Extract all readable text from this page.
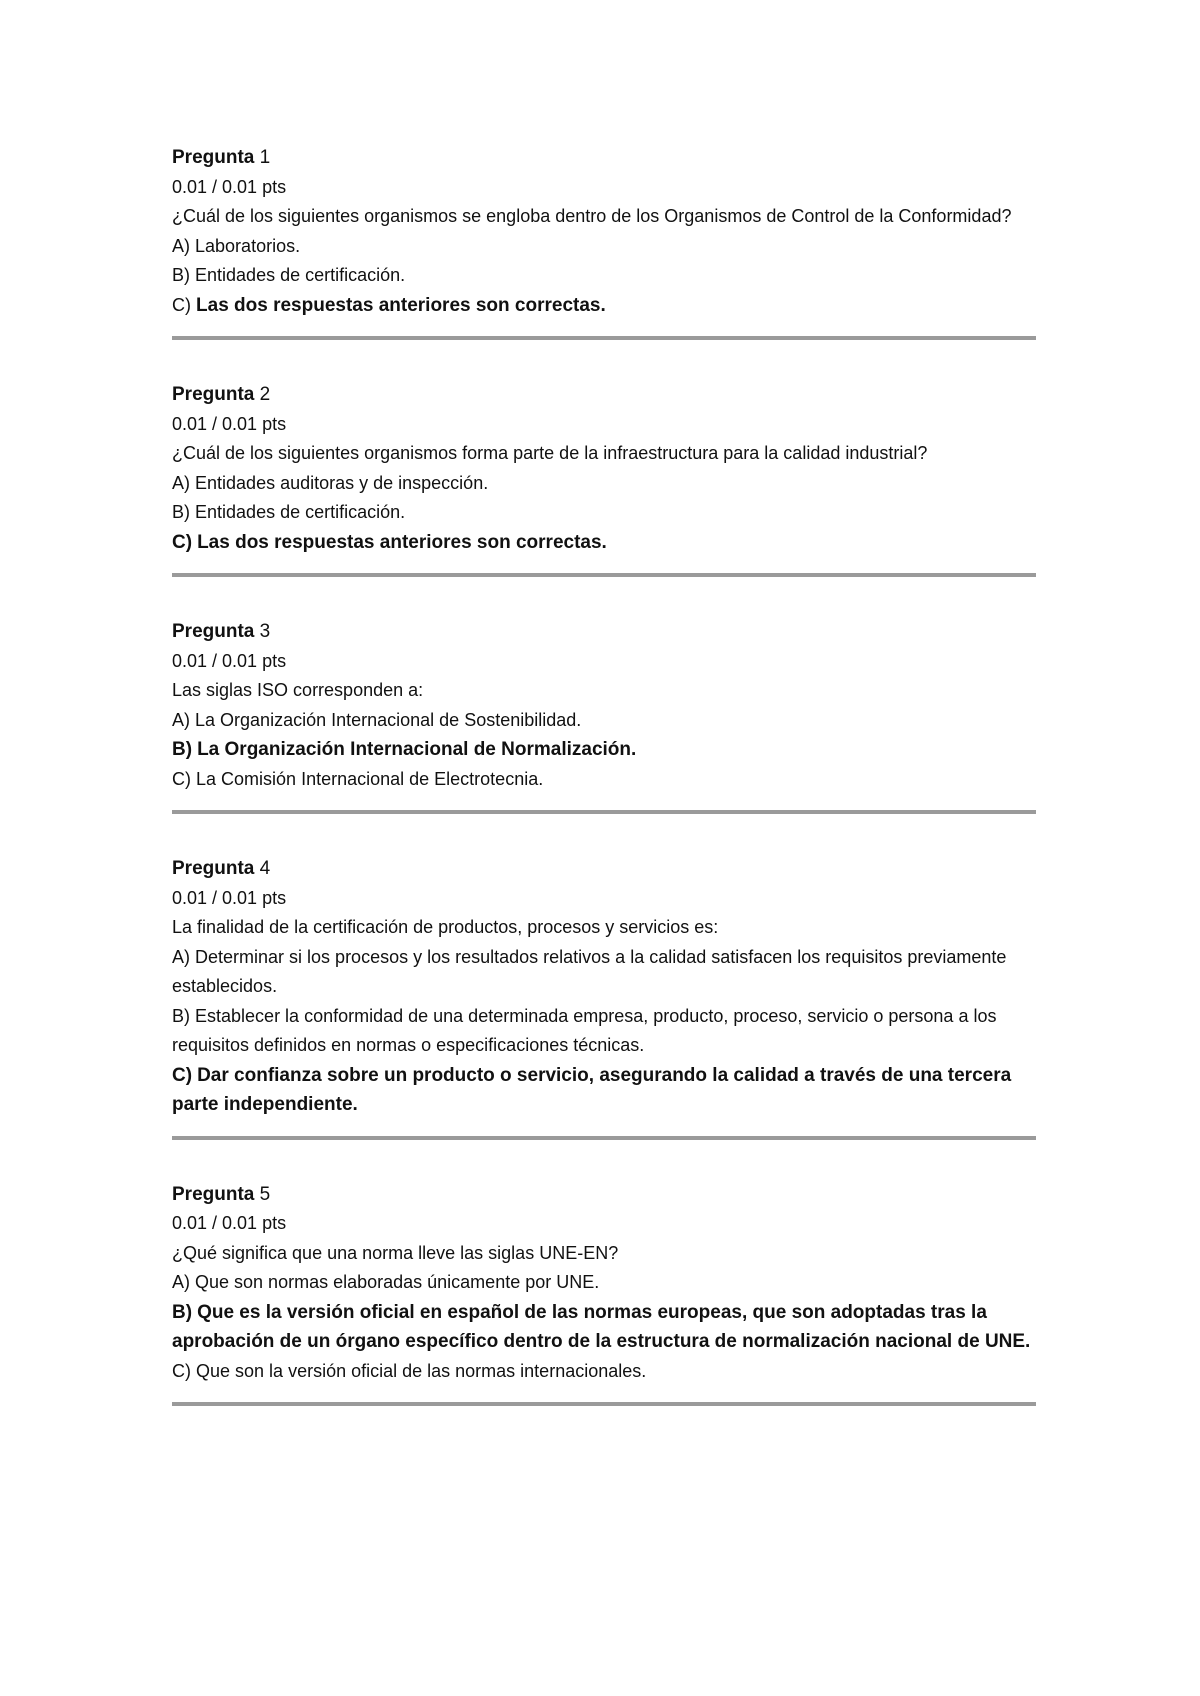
Pregunta 1

0.01 / 0.01 pts

¿Cuál de los siguientes organismos se engloba dentro de los Organismos de Control de la Conformidad?

A) Laboratorios.

B) Entidades de certificación.

C) Las dos respuestas anteriores son correctas.

Pregunta 2

0.01 / 0.01 pts

¿Cuál de los siguientes organismos forma parte de la infraestructura para la calidad industrial?

A) Entidades auditoras y de inspección.

B) Entidades de certificación.

C) Las dos respuestas anteriores son correctas.

Pregunta 3

0.01 / 0.01 pts

Las siglas ISO corresponden a:

A) La Organización Internacional de Sostenibilidad.

B) La Organización Internacional de Normalización.

C) La Comisión Internacional de Electrotecnia.

Pregunta 4

0.01 / 0.01 pts

La finalidad de la certificación de productos, procesos y servicios es:

A) Determinar si los procesos y los resultados relativos a la calidad satisfacen los requisitos previamente establecidos.

B) Establecer la conformidad de una determinada empresa, producto, proceso, servicio o persona a los requisitos definidos en normas o especificaciones técnicas.

C) Dar confianza sobre un producto o servicio, asegurando la calidad a través de una tercera parte independiente.

Pregunta 5

0.01 / 0.01 pts

¿Qué significa que una norma lleve las siglas UNE-EN?

A) Que son normas elaboradas únicamente por UNE.

B) Que es la versión oficial en español de las normas europeas, que son adoptadas tras la aprobación de un órgano específico dentro de la estructura de normalización nacional de UNE.

C) Que son la versión oficial de las normas internacionales.
